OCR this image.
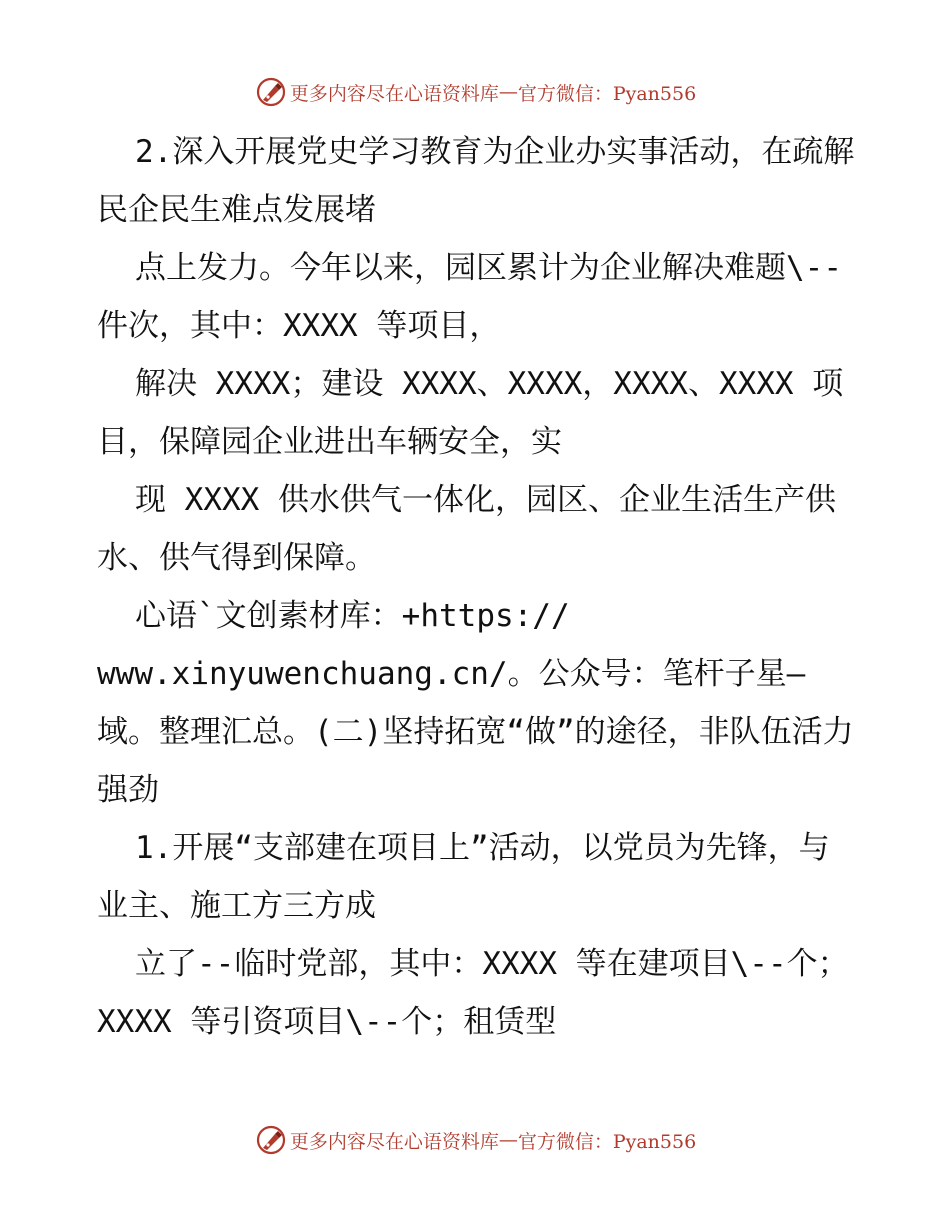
更多内容尽在心语资料库 — 官方微信：Pyan556

2.深入开展党史学习教育为企业办实事活动，在疏解民企民生难点发展堵

点上发力。今年以来，园区累计为企业解决难题\--件次，其中：XXXX 等项目，

解决 XXXX；建设 XXXX、XXXX，XXXX、XXXX 项目，保障园企业进出车辆安全，实

现 XXXX 供水供气一体化，园区、企业生活生产供水、供气得到保障。

心语`文创素材库：+https://

www.xinyuwenchuang.cn/。公众号：笔杆子星—域。整理汇总。(二)坚持拓宽“做”的途径，非队伍活力强劲

1.开展“支部建在项目上”活动，以党员为先锋，与业主、施工方三方成

立了--临时党部，其中：XXXX 等在建项目\--个；XXXX 等引资项目\--个；租赁型

更多内容尽在心语资料库 — 官方微信：Pyan556
